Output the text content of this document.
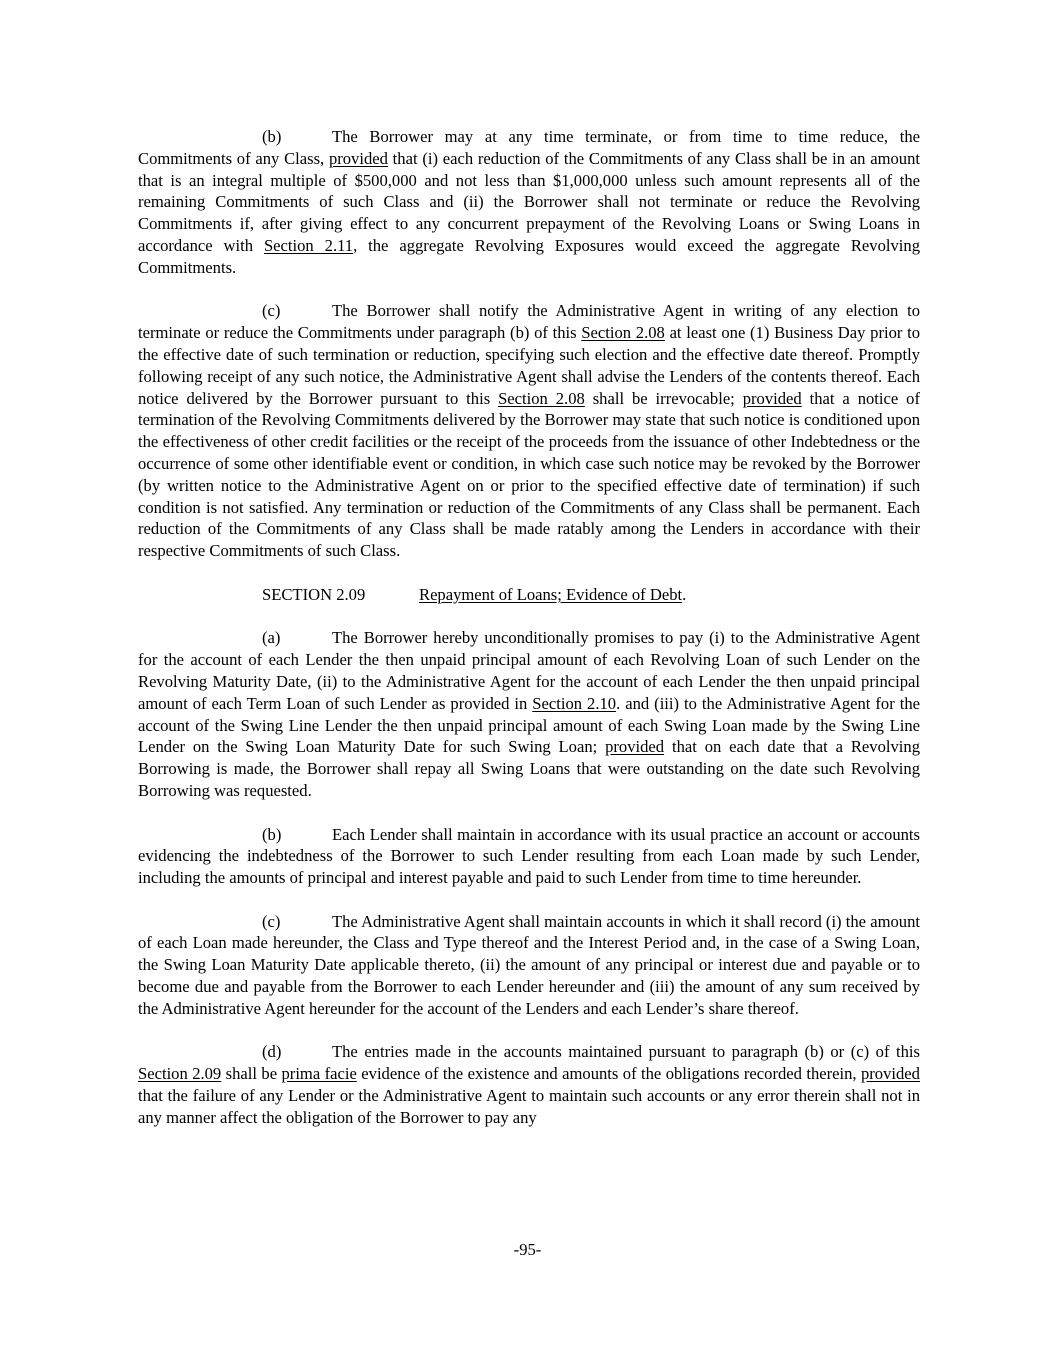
(b)	The Borrower may at any time terminate, or from time to time reduce, the Commitments of any Class, provided that (i) each reduction of the Commitments of any Class shall be in an amount that is an integral multiple of $500,000 and not less than $1,000,000 unless such amount represents all of the remaining Commitments of such Class and (ii) the Borrower shall not terminate or reduce the Revolving Commitments if, after giving effect to any concurrent prepayment of the Revolving Loans or Swing Loans in accordance with Section 2.11, the aggregate Revolving Exposures would exceed the aggregate Revolving Commitments.

(c)	The Borrower shall notify the Administrative Agent in writing of any election to terminate or reduce the Commitments under paragraph (b) of this Section 2.08 at least one (1) Business Day prior to the effective date of such termination or reduction, specifying such election and the effective date thereof. Promptly following receipt of any such notice, the Administrative Agent shall advise the Lenders of the contents thereof. Each notice delivered by the Borrower pursuant to this Section 2.08 shall be irrevocable; provided that a notice of termination of the Revolving Commitments delivered by the Borrower may state that such notice is conditioned upon the effectiveness of other credit facilities or the receipt of the proceeds from the issuance of other Indebtedness or the occurrence of some other identifiable event or condition, in which case such notice may be revoked by the Borrower (by written notice to the Administrative Agent on or prior to the specified effective date of termination) if such condition is not satisfied. Any termination or reduction of the Commitments of any Class shall be permanent. Each reduction of the Commitments of any Class shall be made ratably among the Lenders in accordance with their respective Commitments of such Class.

SECTION 2.09	Repayment of Loans; Evidence of Debt.

(a)	The Borrower hereby unconditionally promises to pay (i) to the Administrative Agent for the account of each Lender the then unpaid principal amount of each Revolving Loan of such Lender on the Revolving Maturity Date, (ii) to the Administrative Agent for the account of each Lender the then unpaid principal amount of each Term Loan of such Lender as provided in Section 2.10. and (iii) to the Administrative Agent for the account of the Swing Line Lender the then unpaid principal amount of each Swing Loan made by the Swing Line Lender on the Swing Loan Maturity Date for such Swing Loan; provided that on each date that a Revolving Borrowing is made, the Borrower shall repay all Swing Loans that were outstanding on the date such Revolving Borrowing was requested.

(b)	Each Lender shall maintain in accordance with its usual practice an account or accounts evidencing the indebtedness of the Borrower to such Lender resulting from each Loan made by such Lender, including the amounts of principal and interest payable and paid to such Lender from time to time hereunder.

(c)	The Administrative Agent shall maintain accounts in which it shall record (i) the amount of each Loan made hereunder, the Class and Type thereof and the Interest Period and, in the case of a Swing Loan, the Swing Loan Maturity Date applicable thereto, (ii) the amount of any principal or interest due and payable or to become due and payable from the Borrower to each Lender hereunder and (iii) the amount of any sum received by the Administrative Agent hereunder for the account of the Lenders and each Lender’s share thereof.

(d)	The entries made in the accounts maintained pursuant to paragraph (b) or (c) of this Section 2.09 shall be prima facie evidence of the existence and amounts of the obligations recorded therein, provided that the failure of any Lender or the Administrative Agent to maintain such accounts or any error therein shall not in any manner affect the obligation of the Borrower to pay any

-95-
